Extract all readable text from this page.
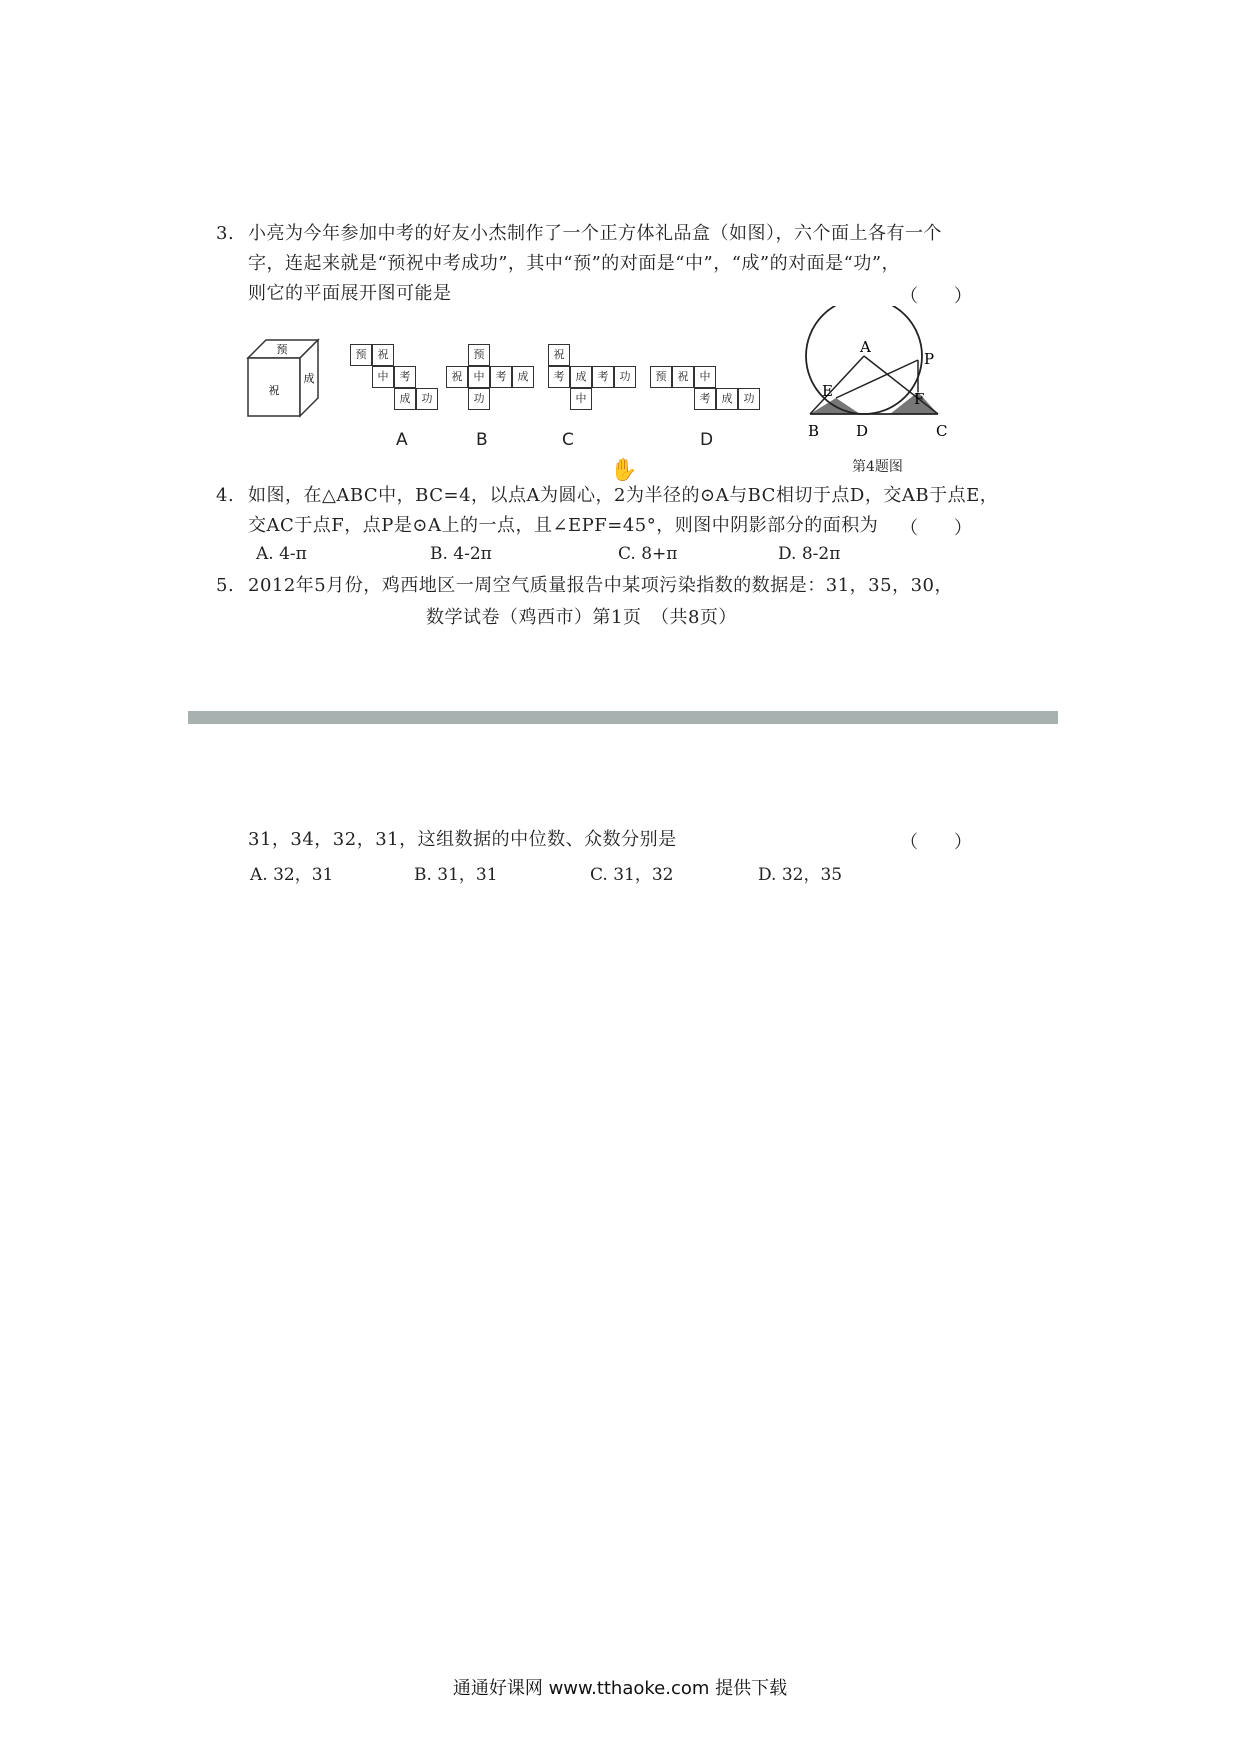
3. 小亮为今年参加中考的好友小杰制作了一个正方体礼品盒（如图），六个面上各有一个
字，连起来就是“预祝中考成功”，其中“预”的对面是“中”，“成”的对面是“功”，
则它的平面展开图可能是	（　　）
预
祝
成
预	祝
中	考
成	功
A
预
祝	中	考	成
功
B
祝
考	成	考	功
中
C
预	祝	中
考	成	功
D
A
P
E	F
B D	C
第4题图
✋
4. 如图，在△ABC中，BC=4，以点A为圆心，2为半径的⊙A与BC相切于点D，交AB于点E，
交AC于点F，点P是⊙A上的一点，且∠EPF=45°，则图中阴影部分的面积为 （　　）
A. 4-π	B. 4-2π	C. 8+π	D. 8-2π
5. 2012年5月份，鸡西地区一周空气质量报告中某项污染指数的数据是：31，35，30，
数学试卷（鸡西市）第1页　（共8页）
31，34，32，31，这组数据的中位数、众数分别是	（　　）
A. 32，31	B. 31，31	C. 31，32	D. 32，35
通通好课网 www.tthaoke.com 提供下载
